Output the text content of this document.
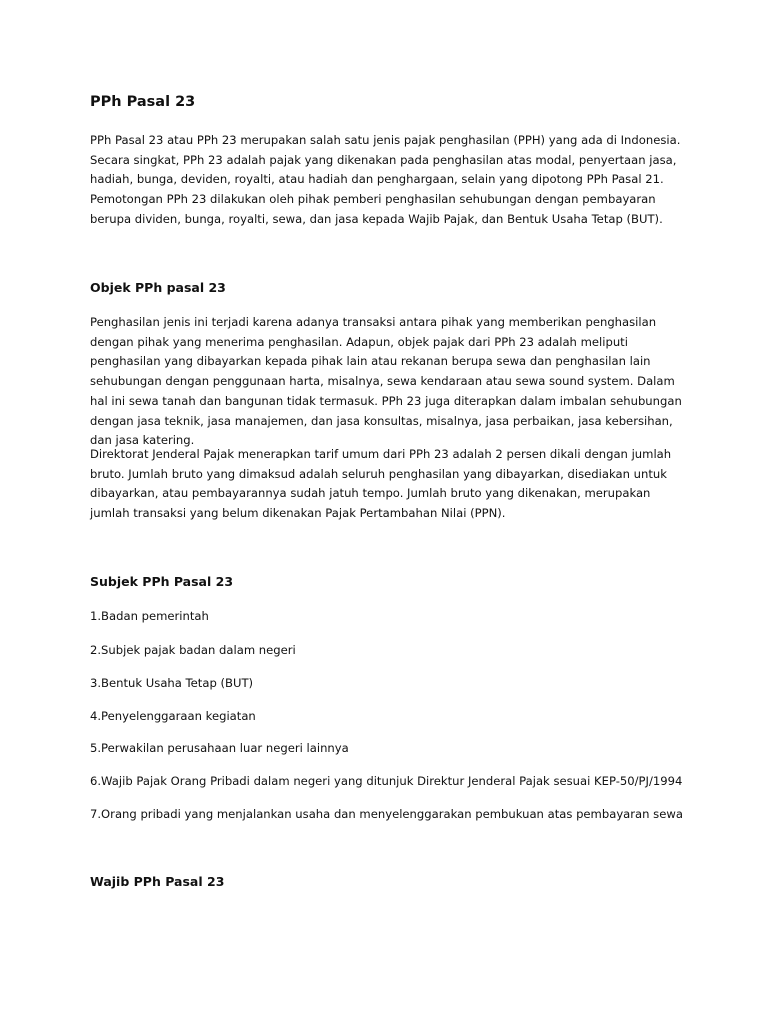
PPh Pasal 23

PPh Pasal 23 atau PPh 23 merupakan salah satu jenis pajak penghasilan (PPH) yang ada di Indonesia. Secara singkat, PPh 23 adalah pajak yang dikenakan pada penghasilan atas modal, penyertaan jasa, hadiah, bunga, deviden, royalti, atau hadiah dan penghargaan, selain yang dipotong PPh Pasal 21. Pemotongan PPh 23 dilakukan oleh pihak pemberi penghasilan sehubungan dengan pembayaran berupa dividen, bunga, royalti, sewa, dan jasa kepada Wajib Pajak, dan Bentuk Usaha Tetap (BUT).

Objek PPh pasal 23

Penghasilan jenis ini terjadi karena adanya transaksi antara pihak yang memberikan penghasilan dengan pihak yang menerima penghasilan. Adapun, objek pajak dari PPh 23 adalah meliputi penghasilan yang dibayarkan kepada pihak lain atau rekanan berupa sewa dan penghasilan lain sehubungan dengan penggunaan harta, misalnya, sewa kendaraan atau sewa sound system. Dalam hal ini sewa tanah dan bangunan tidak termasuk. PPh 23 juga diterapkan dalam imbalan sehubungan dengan jasa teknik, jasa manajemen, dan jasa konsultas, misalnya, jasa perbaikan, jasa kebersihan, dan jasa katering.

Direktorat Jenderal Pajak menerapkan tarif umum dari PPh 23 adalah 2 persen dikali dengan jumlah bruto. Jumlah bruto yang dimaksud adalah seluruh penghasilan yang dibayarkan, disediakan untuk dibayarkan, atau pembayarannya sudah jatuh tempo. Jumlah bruto yang dikenakan, merupakan jumlah transaksi yang belum dikenakan Pajak Pertambahan Nilai (PPN).

Subjek PPh Pasal 23

1.Badan pemerintah

2.Subjek pajak badan dalam negeri

3.Bentuk Usaha Tetap (BUT)

4.Penyelenggaraan kegiatan

5.Perwakilan perusahaan luar negeri lainnya

6.Wajib Pajak Orang Pribadi dalam negeri yang ditunjuk Direktur Jenderal Pajak sesuai KEP-50/PJ/1994

7.Orang pribadi yang menjalankan usaha dan menyelenggarakan pembukuan atas pembayaran sewa

Wajib PPh Pasal 23
